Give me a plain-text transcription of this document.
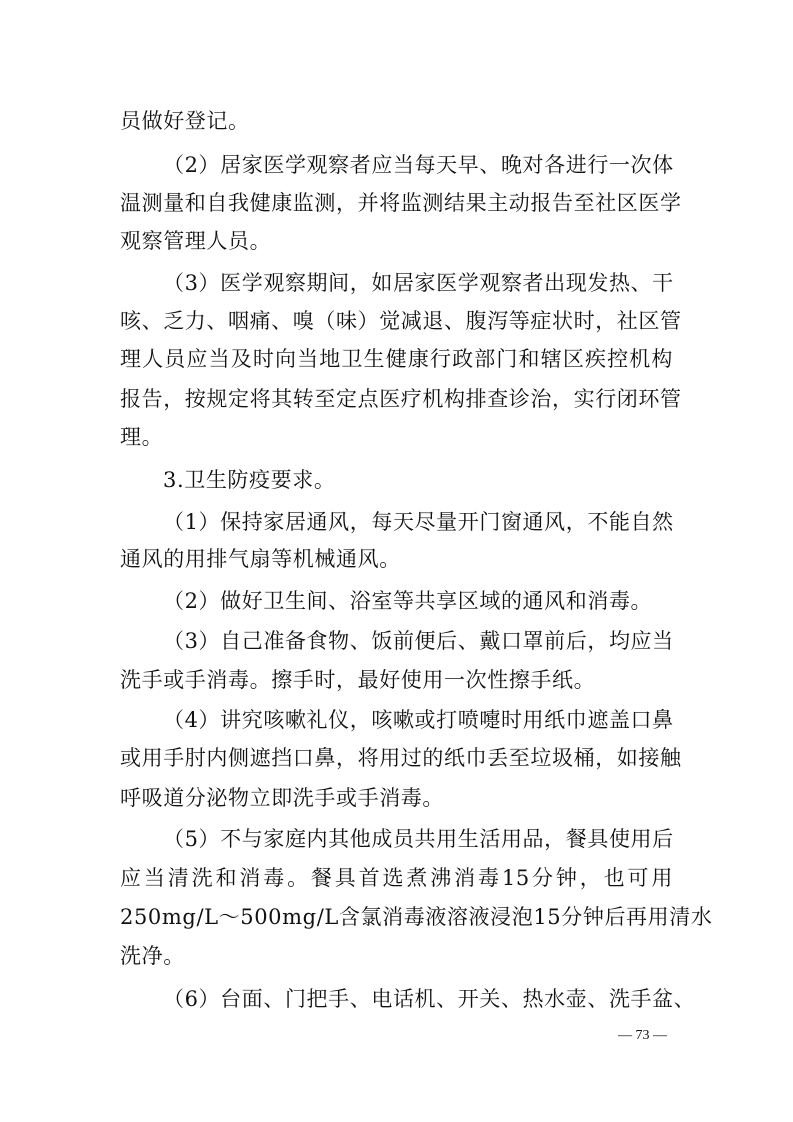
员做好登记。
（2）居家医学观察者应当每天早、晚对各进行一次体
温测量和自我健康监测，并将监测结果主动报告至社区医学
观察管理人员。
（3）医学观察期间，如居家医学观察者出现发热、干
咳、乏力、咽痛、嗅（味）觉减退、腹泻等症状时，社区管
理人员应当及时向当地卫生健康行政部门和辖区疾控机构
报告，按规定将其转至定点医疗机构排查诊治，实行闭环管
理。
3.卫生防疫要求。
（1）保持家居通风，每天尽量开门窗通风，不能自然
通风的用排气扇等机械通风。
（2）做好卫生间、浴室等共享区域的通风和消毒。
（3）自己准备食物、饭前便后、戴口罩前后，均应当
洗手或手消毒。擦手时，最好使用一次性擦手纸。
（4）讲究咳嗽礼仪，咳嗽或打喷嚏时用纸巾遮盖口鼻
或用手肘内侧遮挡口鼻，将用过的纸巾丢至垃圾桶，如接触
呼吸道分泌物立即洗手或手消毒。
（5）不与家庭内其他成员共用生活用品，餐具使用后
应当清洗和消毒。餐具首选煮沸消毒15分钟，也可用
250mg/L～500mg/L含氯消毒液溶液浸泡15分钟后再用清水
洗净。
（6）台面、门把手、电话机、开关、热水壶、洗手盆、
— 73 —
